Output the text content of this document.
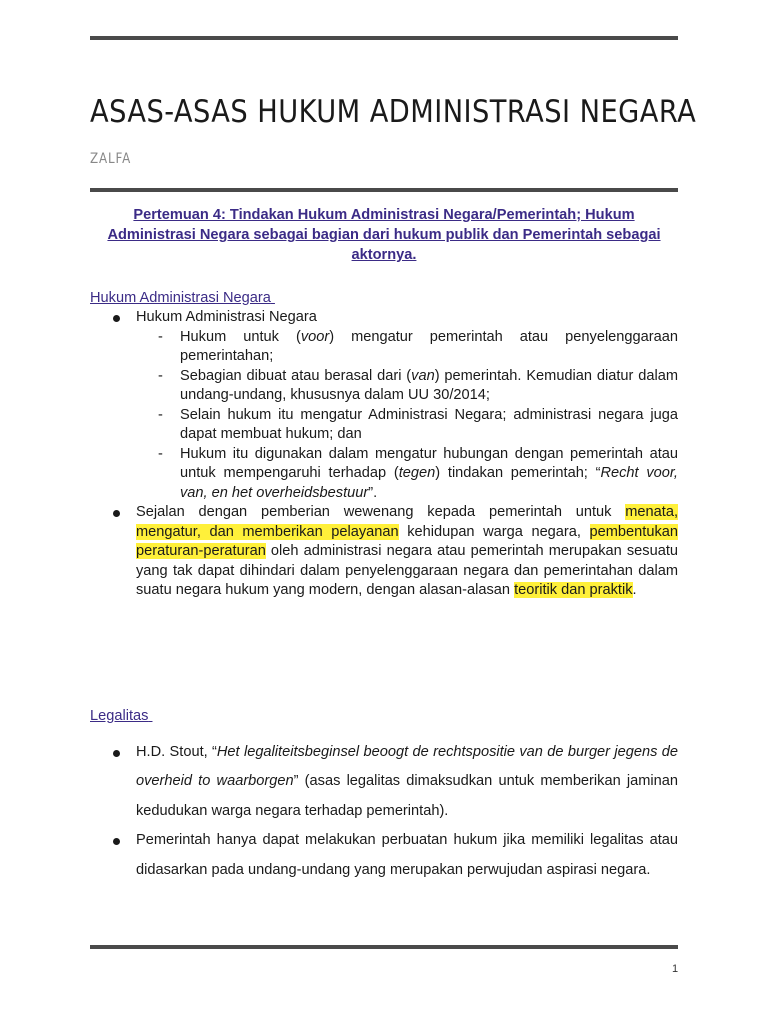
ASAS-ASAS HUKUM ADMINISTRASI NEGARA
ZALFA

Pertemuan 4: Tindakan Hukum Administrasi Negara/Pemerintah; Hukum Administrasi Negara sebagai bagian dari hukum publik dan Pemerintah sebagai aktornya.

Hukum Administrasi Negara

Hukum Administrasi Negara
- Hukum untuk (voor) mengatur pemerintah atau penyelenggaraan pemerintahan;
- Sebagian dibuat atau berasal dari (van) pemerintah. Kemudian diatur dalam undang-undang, khususnya dalam UU 30/2014;
- Selain hukum itu mengatur Administrasi Negara; administrasi negara juga dapat membuat hukum; dan
- Hukum itu digunakan dalam mengatur hubungan dengan pemerintah atau untuk mempengaruhi terhadap (tegen) tindakan pemerintah; “Recht voor, van, en het overheidsbestuur”.
Sejalan dengan pemberian wewenang kepada pemerintah untuk menata, mengatur, dan memberikan pelayanan kehidupan warga negara, pembentukan peraturan-peraturan oleh administrasi negara atau pemerintah merupakan sesuatu yang tak dapat dihindari dalam penyelenggaraan negara dan pemerintahan dalam suatu negara hukum yang modern, dengan alasan-alasan teoritik dan praktik.

Legalitas

H.D. Stout, “Het legaliteitsbeginsel beoogt de rechtspositie van de burger jegens de overheid to waarborgen” (asas legalitas dimaksudkan untuk memberikan jaminan kedudukan warga negara terhadap pemerintah).
Pemerintah hanya dapat melakukan perbuatan hukum jika memiliki legalitas atau didasarkan pada undang-undang yang merupakan perwujudan aspirasi negara.
1
